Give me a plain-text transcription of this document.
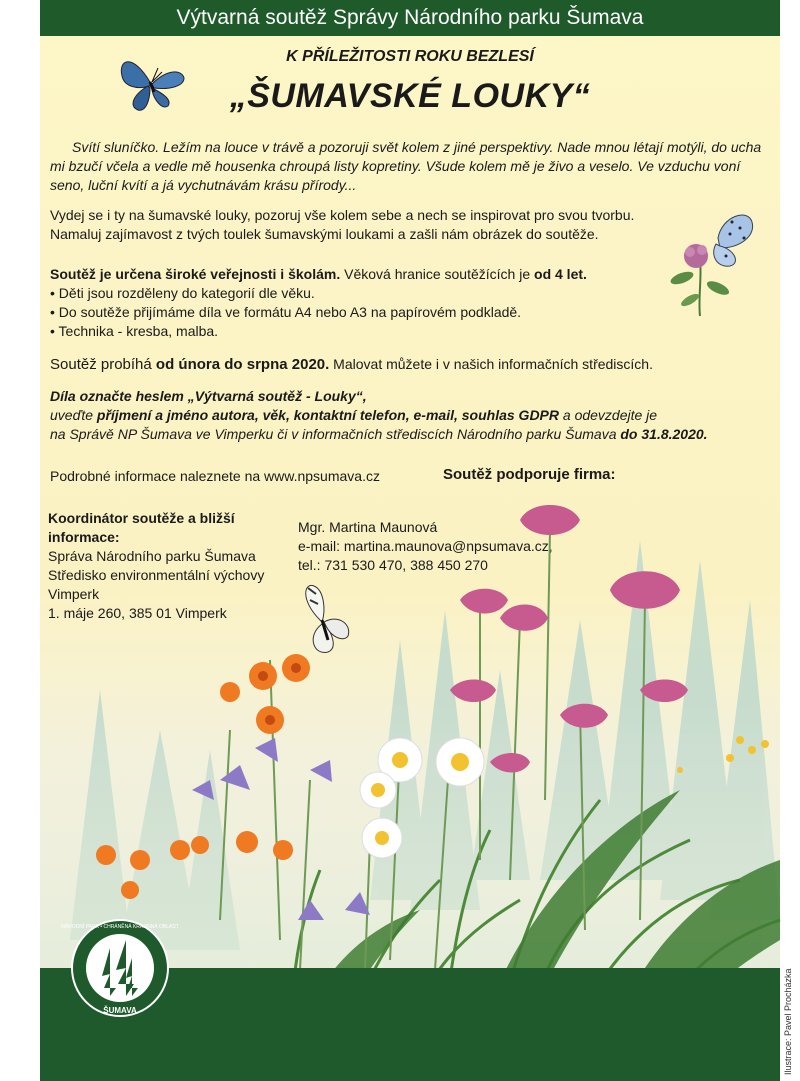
Výtvarná soutěž Správy Národního parku Šumava
K PŘÍLEŽITOSTI ROKU BEZLESÍ
„ŠUMAVSKÉ LOUKY“
Svítí sluníčko. Ležím na louce v trávě a pozoruji svět kolem z jiné perspektivy. Nade mnou létají motýli, do ucha mi bzučí včela a vedle mě housenka chroupá listy kopretiny. Všude kolem mě je živo a veselo. Ve vzduchu voní seno, luční kvítí a já vychutnávám krásu přírody...
Vydej se i ty na šumavské louky, pozoruj vše kolem sebe a nech se inspirovat pro svou tvorbu.
Namaluj zajímavost z tvých toulek šumavskými loukami a zašli nám obrázek do soutěže.
Soutěž je určena široké veřejnosti i školám. Věková hranice soutěžících je od 4 let.
• Děti jsou rozděleny do kategorií dle věku.
• Do soutěže přijímáme díla ve formátu A4 nebo A3 na papírovém podkladě.
• Technika - kresba, malba.
Soutěž probíhá od února do srpna 2020. Malovat můžete i v našich informačních střediscích.
Díla označte heslem „Výtvarná soutěž - Louky“,
uveďte příjmení a jméno autora, věk, kontaktní telefon, e-mail, souhlas GDPR a odevzdejte je
na Správě NP Šumava ve Vimperku či v informačních střediscích Národního parku Šumava do 31.8.2020.
Podrobné informace naleznete na www.npsumava.cz	Soutěž podporuje firma:
Koordinátor soutěže a bližší
informace:
Správa Národního parku Šumava
Středisko environmentální výchovy
Vimperk
1. máje 260, 385 01 Vimperk
Mgr. Martina Maunová
e-mail: martina.maunova@npsumava.cz,
tel.: 731 530 470, 388 450 270
NÁRODNÍ PARK • CHRÁNĚNÁ KRAJINNÁ OBLAST
ŠUMAVA	Ilustrace: Pavel Procházka
